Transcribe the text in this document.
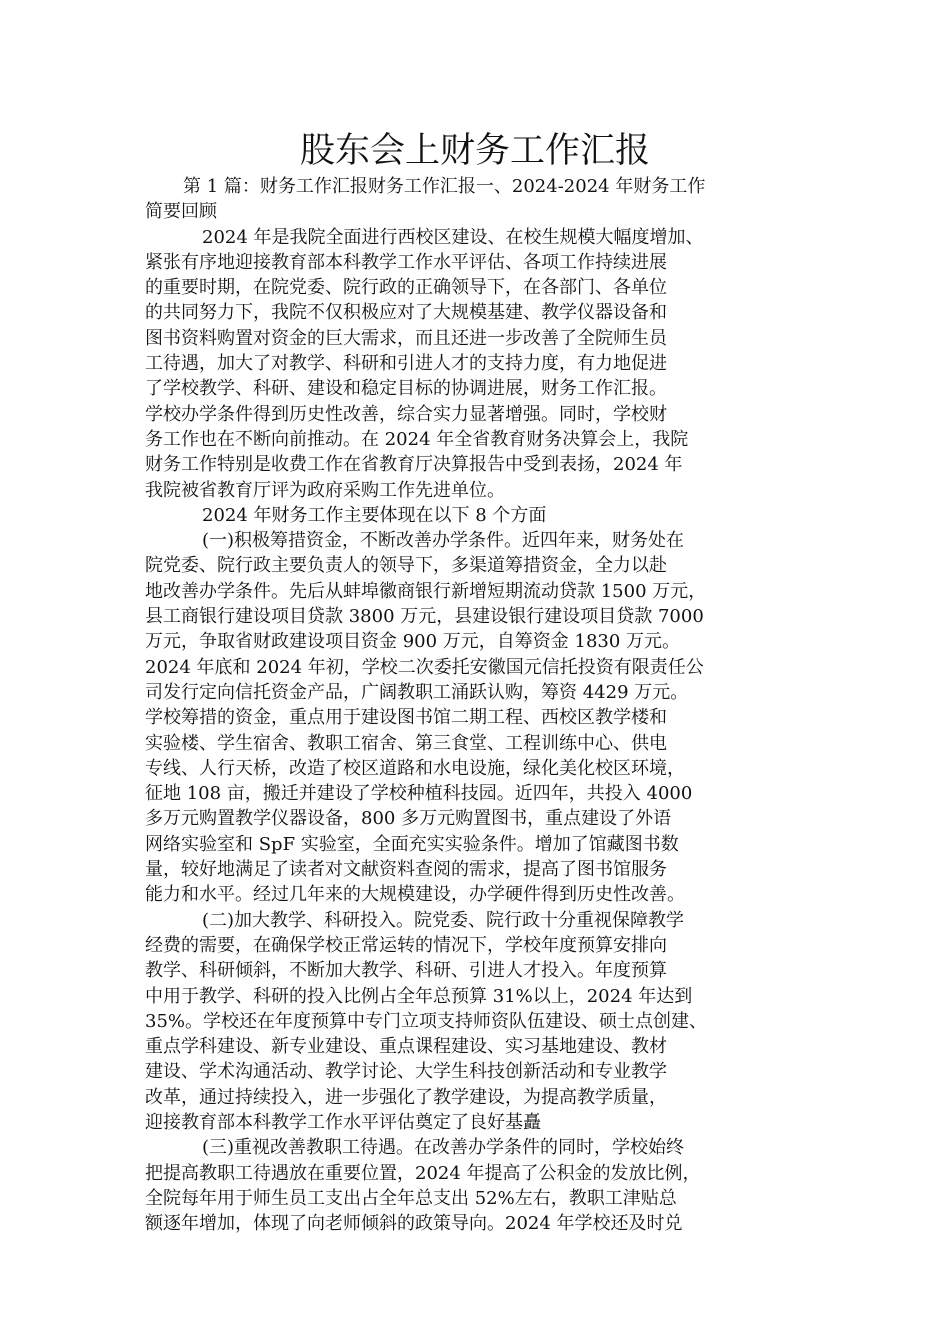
股东会上财务工作汇报
第 1 篇：财务工作汇报财务工作汇报一、2024-2024 年财务工作
简要回顾
2024 年是我院全面进行西校区建设、在校生规模大幅度增加、
紧张有序地迎接教育部本科教学工作水平评估、各项工作持续进展
的重要时期，在院党委、院行政的正确领导下，在各部门、各单位
的共同努力下，我院不仅积极应对了大规模基建、教学仪器设备和
图书资料购置对资金的巨大需求，而且还进一步改善了全院师生员
工待遇，加大了对教学、科研和引进人才的支持力度，有力地促进
了学校教学、科研、建设和稳定目标的协调进展，财务工作汇报。
学校办学条件得到历史性改善，综合实力显著增强。同时，学校财
务工作也在不断向前推动。在 2024 年全省教育财务决算会上，我院
财务工作特别是收费工作在省教育厅决算报告中受到表扬，2024 年
我院被省教育厅评为政府采购工作先进单位。
2024 年财务工作主要体现在以下 8 个方面
(一)积极筹措资金，不断改善办学条件。近四年来，财务处在
院党委、院行政主要负责人的领导下，多渠道筹措资金，全力以赴
地改善办学条件。先后从蚌埠徽商银行新增短期流动贷款 1500 万元，
县工商银行建设项目贷款 3800 万元，县建设银行建设项目贷款 7000
万元，争取省财政建设项目资金 900 万元，自筹资金 1830 万元。
2024 年底和 2024 年初，学校二次委托安徽国元信托投资有限责任公
司发行定向信托资金产品，广阔教职工涌跃认购，筹资 4429 万元。
学校筹措的资金，重点用于建设图书馆二期工程、西校区教学楼和
实验楼、学生宿舍、教职工宿舍、第三食堂、工程训练中心、供电
专线、人行天桥，改造了校区道路和水电设施，绿化美化校区环境，
征地 108 亩，搬迁并建设了学校种植科技园。近四年，共投入 4000
多万元购置教学仪器设备，800 多万元购置图书，重点建设了外语
网络实验室和 SpF 实验室，全面充实实验条件。增加了馆藏图书数
量，较好地满足了读者对文献资料查阅的需求，提高了图书馆服务
能力和水平。经过几年来的大规模建设，办学硬件得到历史性改善。
(二)加大教学、科研投入。院党委、院行政十分重视保障教学
经费的需要，在确保学校正常运转的情况下，学校年度预算安排向
教学、科研倾斜，不断加大教学、科研、引进人才投入。年度预算
中用于教学、科研的投入比例占全年总预算 31%以上，2024 年达到
35%。学校还在年度预算中专门立项支持师资队伍建设、硕士点创建、
重点学科建设、新专业建设、重点课程建设、实习基地建设、教材
建设、学术沟通活动、教学讨论、大学生科技创新活动和专业教学
改革，通过持续投入，进一步强化了教学建设，为提高教学质量，
迎接教育部本科教学工作水平评估奠定了良好基矗
(三)重视改善教职工待遇。在改善办学条件的同时，学校始终
把提高教职工待遇放在重要位置，2024 年提高了公积金的发放比例，
全院每年用于师生员工支出占全年总支出 52%左右，教职工津贴总
额逐年增加，体现了向老师倾斜的政策导向。2024 年学校还及时兑
